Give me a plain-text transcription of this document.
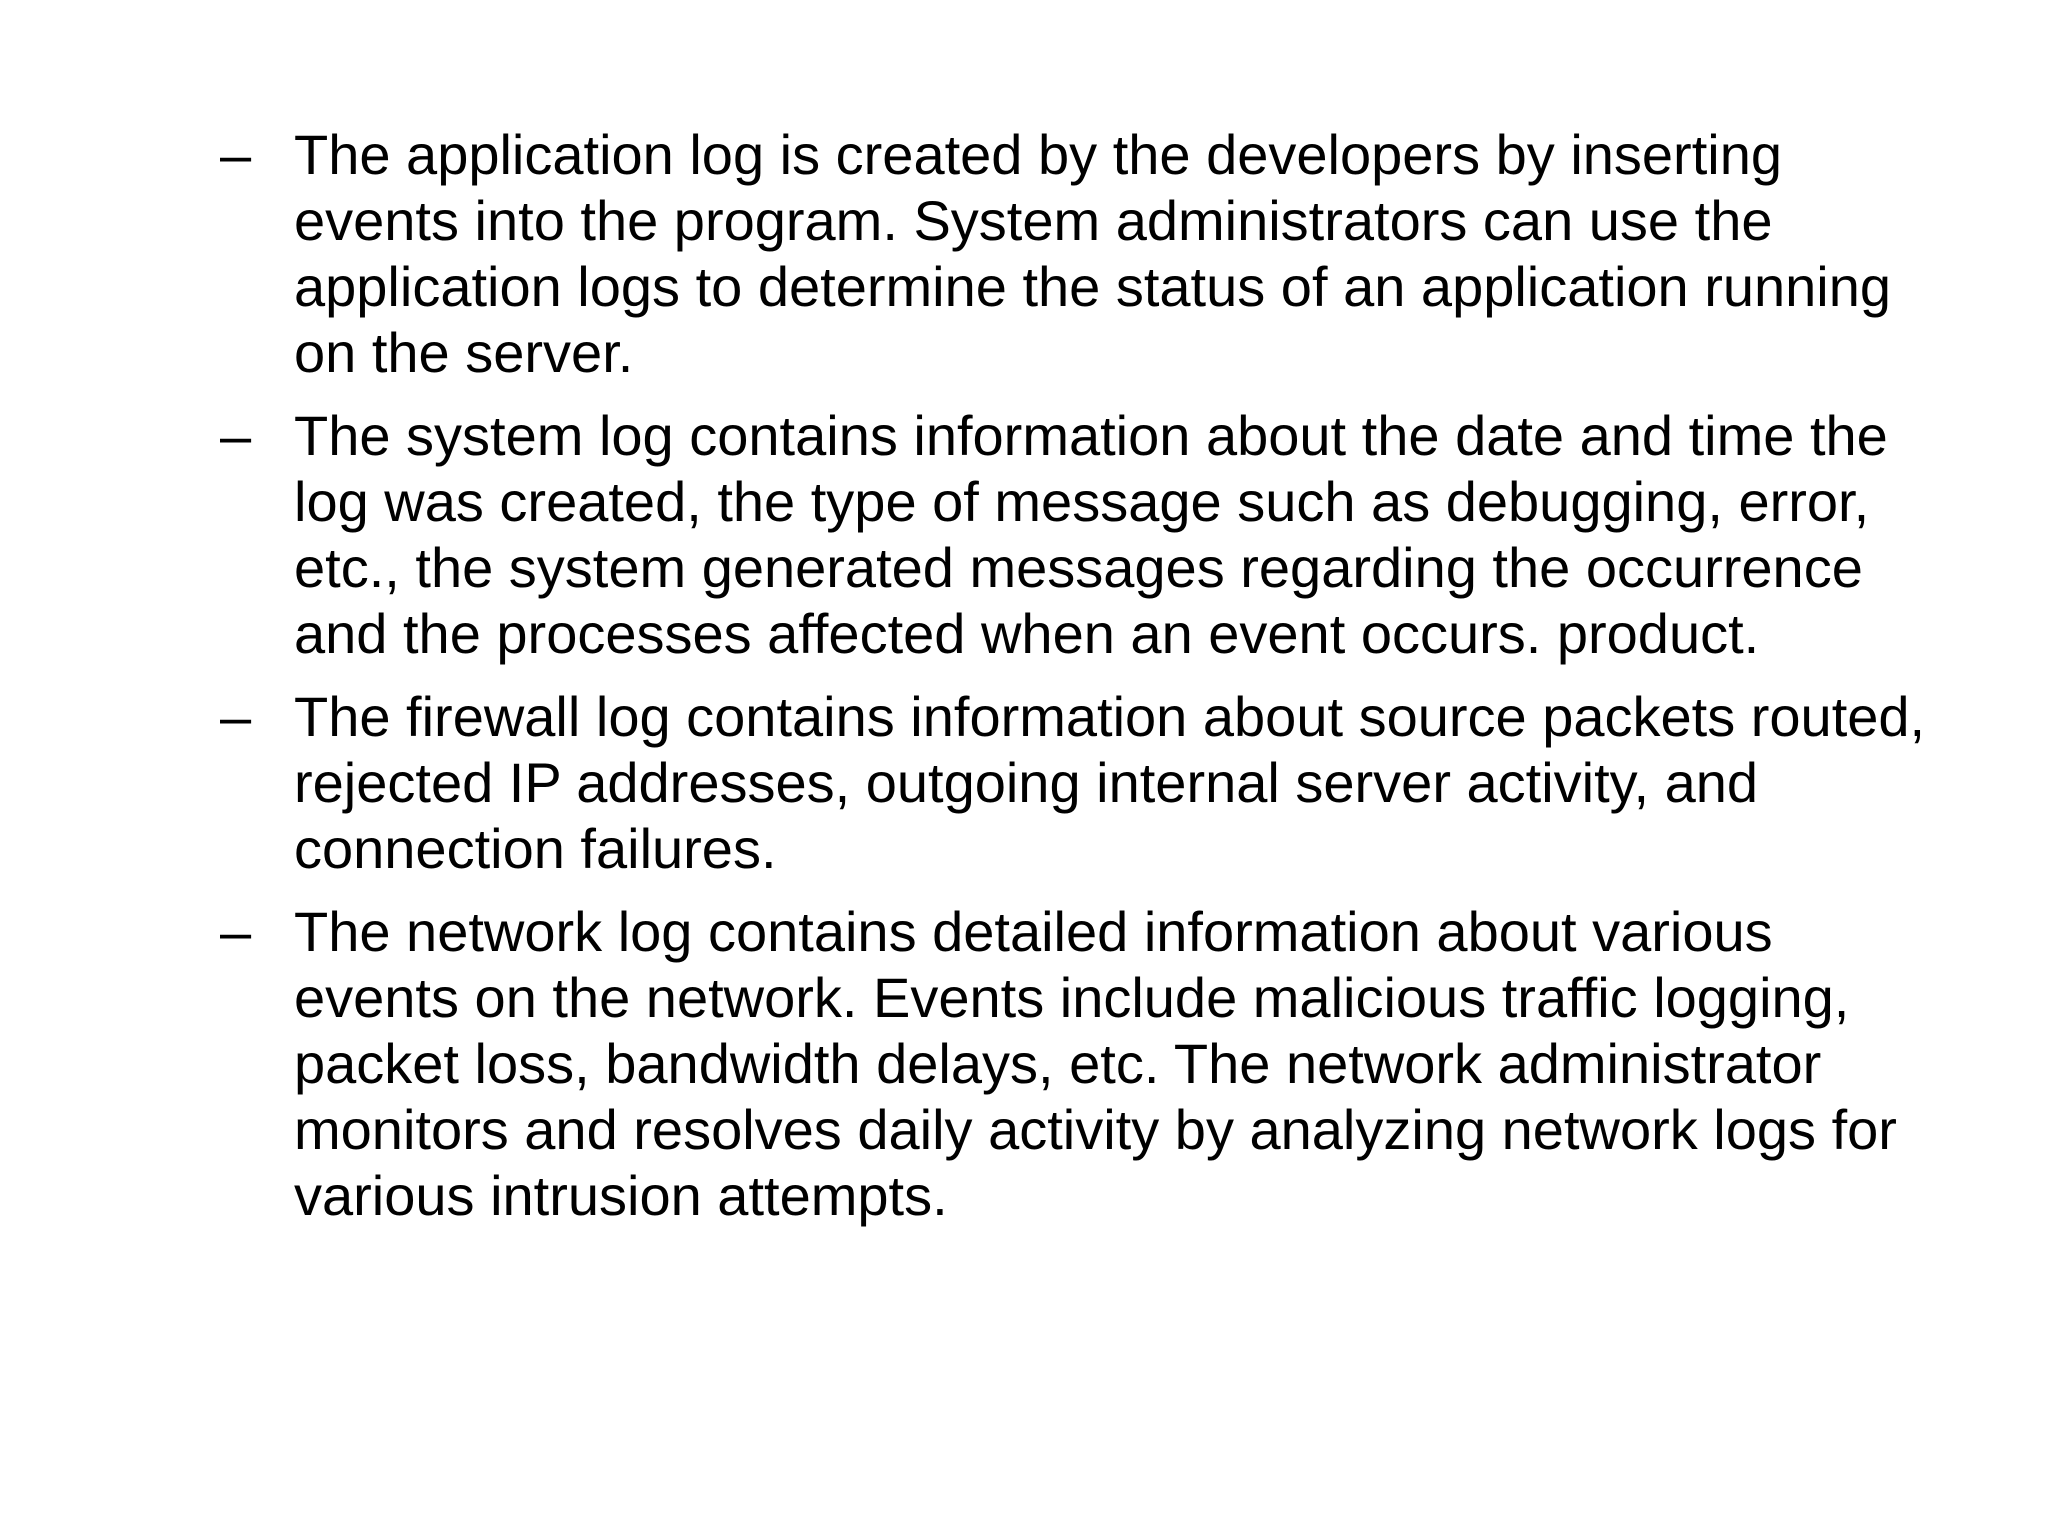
– The application log is created by the developers by inserting events into the program. System administrators can use the application logs to determine the status of an application running on the server.
– The system log contains information about the date and time the log was created, the type of message such as debugging, error, etc., the system generated messages regarding the occurrence and the processes affected when an event occurs. product.
– The firewall log contains information about source packets routed, rejected IP addresses, outgoing internal server activity, and connection failures.
– The network log contains detailed information about various events on the network. Events include malicious traffic logging, packet loss, bandwidth delays, etc. The network administrator monitors and resolves daily activity by analyzing network logs for various intrusion attempts.
